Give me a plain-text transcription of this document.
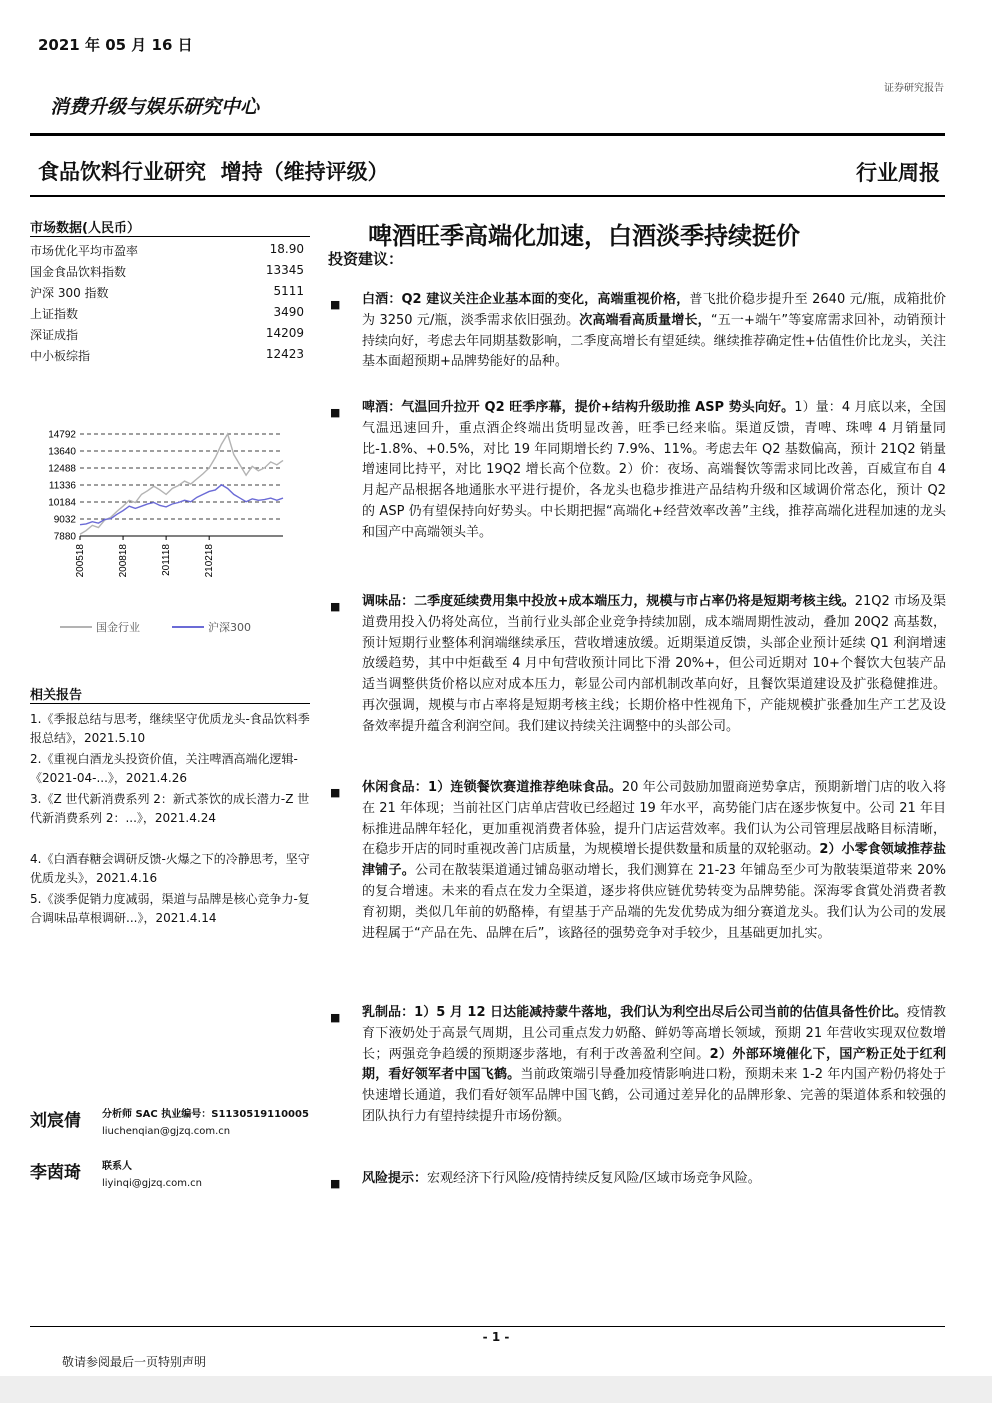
2021 年 05 月 16 日
证券研究报告
消费升级与娱乐研究中心
食品饮料行业研究 增持（维持评级）	行业周报
啤酒旺季高端化加速，白酒淡季持续挺价
投资建议：
市场数据(人民币）
市场优化平均市盈率	18.90
国金食品饮料指数	13345
沪深 300 指数	5111
上证指数	3490
深证成指	14209
中小板综指	12423
14792
13640
12488
11336
10184
9032
7880
200518	200818	201118	210218
国金行业	沪深300
相关报告
1.《季报总结与思考，继续坚守优质龙头-食品饮料季报总结》，2021.5.10
2.《重视白酒龙头投资价值，关注啤酒高端化逻辑-《2021-04-...》，2021.4.26
3.《Z 世代新消费系列 2：新式茶饮的成长潜力-Z 世代新消费系列 2：...》，2021.4.24
4.《白酒春糖会调研反馈-火爆之下的冷静思考，坚守优质龙头》，2021.4.16
5.《淡季促销力度减弱，渠道与品牌是核心竞争力-复合调味品草根调研...》，2021.4.14
刘宸倩	分析师 SAC 执业编号：S1130519110005
liuchenqian@gjzq.com.cn
李茵琦	联系人
liyinqi@gjzq.com.cn
■ 白酒：Q2 建议关注企业基本面的变化，高端重视价格，普飞批价稳步提升至 2640 元/瓶，成箱批价为 3250 元/瓶，淡季需求依旧强劲。次高端看高质量增长，“五一+端午”等宴席需求回补，动销预计持续向好，考虑去年同期基数影响，二季度高增长有望延续。继续推荐确定性+估值性价比龙头，关注基本面超预期+品牌势能好的品种。
■ 啤酒：气温回升拉开 Q2 旺季序幕，提价+结构升级助推 ASP 势头向好。1）量：4 月底以来，全国气温迅速回升，重点酒企终端出货明显改善，旺季已经来临。渠道反馈，青啤、珠啤 4 月销量同比-1.8%、+0.5%，对比 19 年同期增长约 7.9%、11%。考虑去年 Q2 基数偏高，预计 21Q2 销量增速同比持平，对比 19Q2 增长高个位数。2）价：夜场、高端餐饮等需求同比改善，百威宣布自 4 月起产品根据各地通胀水平进行提价，各龙头也稳步推进产品结构升级和区域调价常态化，预计 Q2 的 ASP 仍有望保持向好势头。中长期把握“高端化+经营效率改善”主线，推荐高端化进程加速的龙头和国产中高端领头羊。
■ 调味品：二季度延续费用集中投放+成本端压力，规模与市占率仍将是短期考核主线。21Q2 市场及渠道费用投入仍将处高位，当前行业头部企业竞争持续加剧，成本端周期性波动，叠加 20Q2 高基数，预计短期行业整体利润端继续承压，营收增速放缓。近期渠道反馈，头部企业预计延续 Q1 利润增速放缓趋势，其中中炬截至 4 月中旬营收预计同比下滑 20%+，但公司近期对 10+个餐饮大包装产品适当调整供货价格以应对成本压力，彰显公司内部机制改革向好，且餐饮渠道建设及扩张稳健推进。再次强调，规模与市占率将是短期考核主线；长期价格中性视角下，产能规模扩张叠加生产工艺及设备效率提升蕴含利润空间。我们建议持续关注调整中的头部公司。
■ 休闲食品：1）连锁餐饮赛道推荐绝味食品。20 年公司鼓励加盟商逆势拿店，预期新增门店的收入将在 21 年体现；当前社区门店单店营收已经超过 19 年水平，高势能门店在逐步恢复中。公司 21 年目标推进品牌年轻化，更加重视消费者体验，提升门店运营效率。我们认为公司管理层战略目标清晰，在稳步开店的同时重视改善门店质量，为规模增长提供数量和质量的双轮驱动。2）小零食领域推荐盐津铺子。公司在散装渠道通过铺岛驱动增长，我们测算在 21-23 年铺岛至少可为散装渠道带来 20%的复合增速。未来的看点在发力全渠道，逐步将供应链优势转变为品牌势能。深海零食賞处消费者教育初期，类似几年前的奶酪棒，有望基于产品端的先发优势成为细分赛道龙头。我们认为公司的发展进程属于“产品在先、品牌在后”，该路径的强势竞争对手较少，且基础更加扎实。
■ 乳制品：1）5 月 12 日达能减持蒙牛落地，我们认为利空出尽后公司当前的估值具备性价比。疫情教育下液奶处于高景气周期，且公司重点发力奶酪、鲜奶等高增长领域，预期 21 年营收实现双位数增长；两强竞争趋缓的预期逐步落地，有利于改善盈利空间。2）外部环境催化下，国产粉正处于红利期，看好领军者中国飞鹤。当前政策端引导叠加疫情影响进口粉，预期未来 1-2 年内国产粉仍将处于快速增长通道，我们看好领军品牌中国飞鹤，公司通过差异化的品牌形象、完善的渠道体系和较强的团队执行力有望持续提升市场份额。
■ 风险提示：宏观经济下行风险/疫情持续反复风险/区域市场竞争风险。
- 1 -
敬请参阅最后一页特别声明
